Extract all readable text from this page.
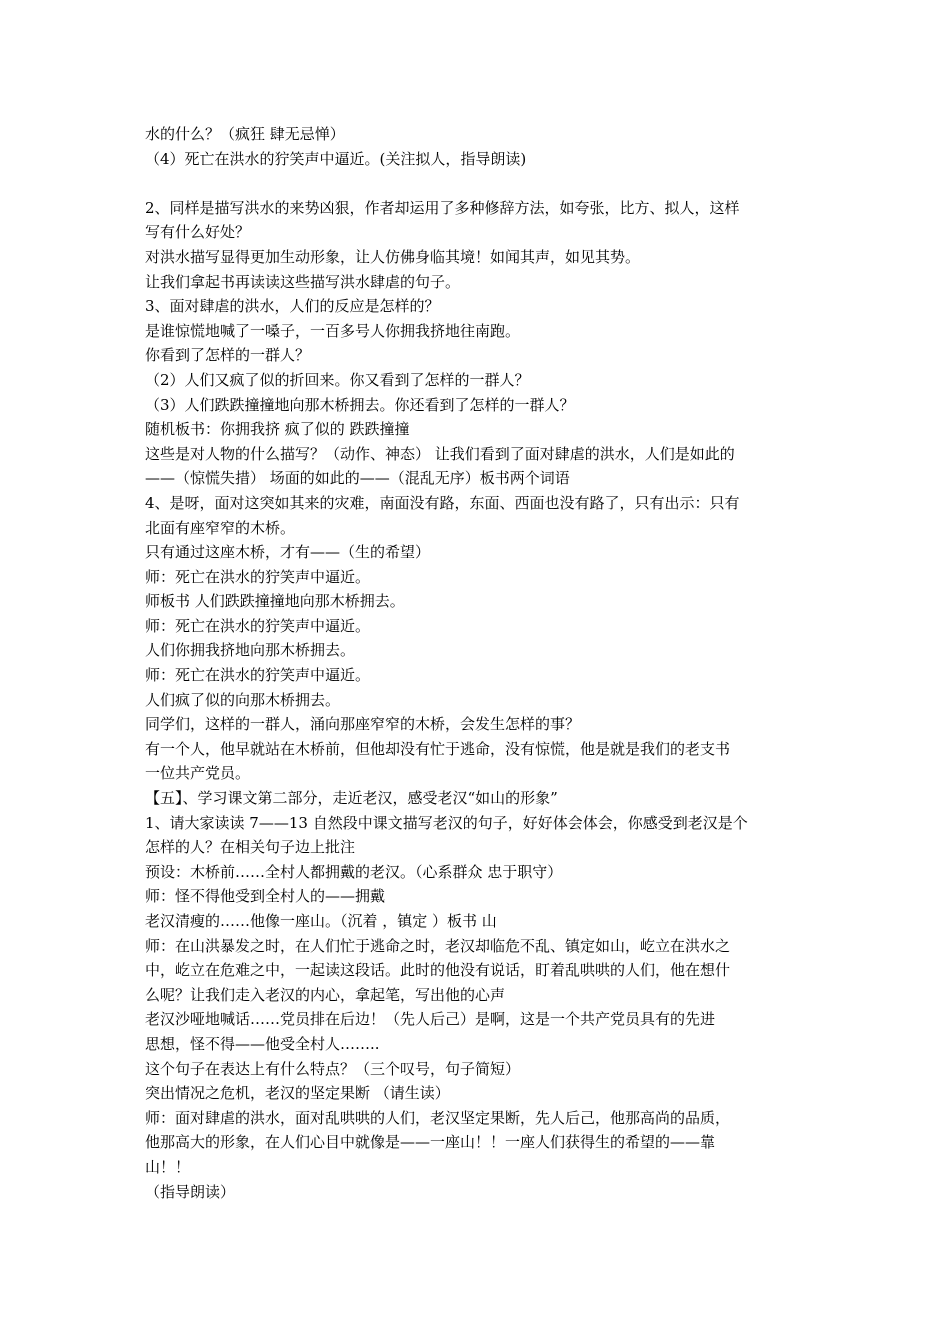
水的什么？（疯狂 肆无忌惮）
（4）死亡在洪水的狞笑声中逼近。(关注拟人，指导朗读)
2、同样是描写洪水的来势凶狠，作者却运用了多种修辞方法，如夸张，比方、拟人，这样
写有什么好处？
对洪水描写显得更加生动形象，让人仿佛身临其境！如闻其声，如见其势。
让我们拿起书再读读这些描写洪水肆虐的句子。
3、面对肆虐的洪水，人们的反应是怎样的？
是谁惊慌地喊了一嗓子，一百多号人你拥我挤地往南跑。
你看到了怎样的一群人？
（2）人们又疯了似的折回来。你又看到了怎样的一群人？
（3）人们跌跌撞撞地向那木桥拥去。你还看到了怎样的一群人？
随机板书：你拥我挤 疯了似的 跌跌撞撞
这些是对人物的什么描写？（动作、神态） 让我们看到了面对肆虐的洪水，人们是如此的
——（惊慌失措） 场面的如此的——（混乱无序）板书两个词语
4、是呀，面对这突如其来的灾难，南面没有路，东面、西面也没有路了，只有出示：只有
北面有座窄窄的木桥。
只有通过这座木桥，才有——（生的希望）
师：死亡在洪水的狞笑声中逼近。
师板书 人们跌跌撞撞地向那木桥拥去。
师：死亡在洪水的狞笑声中逼近。
人们你拥我挤地向那木桥拥去。
师：死亡在洪水的狞笑声中逼近。
人们疯了似的向那木桥拥去。
同学们，这样的一群人，涌向那座窄窄的木桥，会发生怎样的事？
有一个人，他早就站在木桥前，但他却没有忙于逃命，没有惊慌，他是就是我们的老支书
一位共产党员。
【五】、学习课文第二部分，走近老汉，感受老汉“如山的形象”
1、请大家读读 7——13 自然段中课文描写老汉的句子，好好体会体会，你感受到老汉是个
怎样的人？在相关句子边上批注
预设：木桥前……全村人都拥戴的老汉。（心系群众 忠于职守）
师：怪不得他受到全村人的——拥戴
老汉清瘦的……他像一座山。（沉着 ，镇定 ）板书 山
师：在山洪暴发之时，在人们忙于逃命之时，老汉却临危不乱、镇定如山，屹立在洪水之
中，屹立在危难之中，一起读这段话。此时的他没有说话，盯着乱哄哄的人们，他在想什
么呢？让我们走入老汉的内心，拿起笔，写出他的心声
老汉沙哑地喊话……党员排在后边！（先人后己）是啊，这是一个共产党员具有的先进
思想，怪不得——他受全村人……..
这个句子在表达上有什么特点？（三个叹号，句子简短）
突出情况之危机，老汉的坚定果断 （请生读）
师：面对肆虐的洪水，面对乱哄哄的人们，老汉坚定果断，先人后己，他那高尚的品质，
他那高大的形象，在人们心目中就像是——一座山！！一座人们获得生的希望的——靠
山！！
（指导朗读）
